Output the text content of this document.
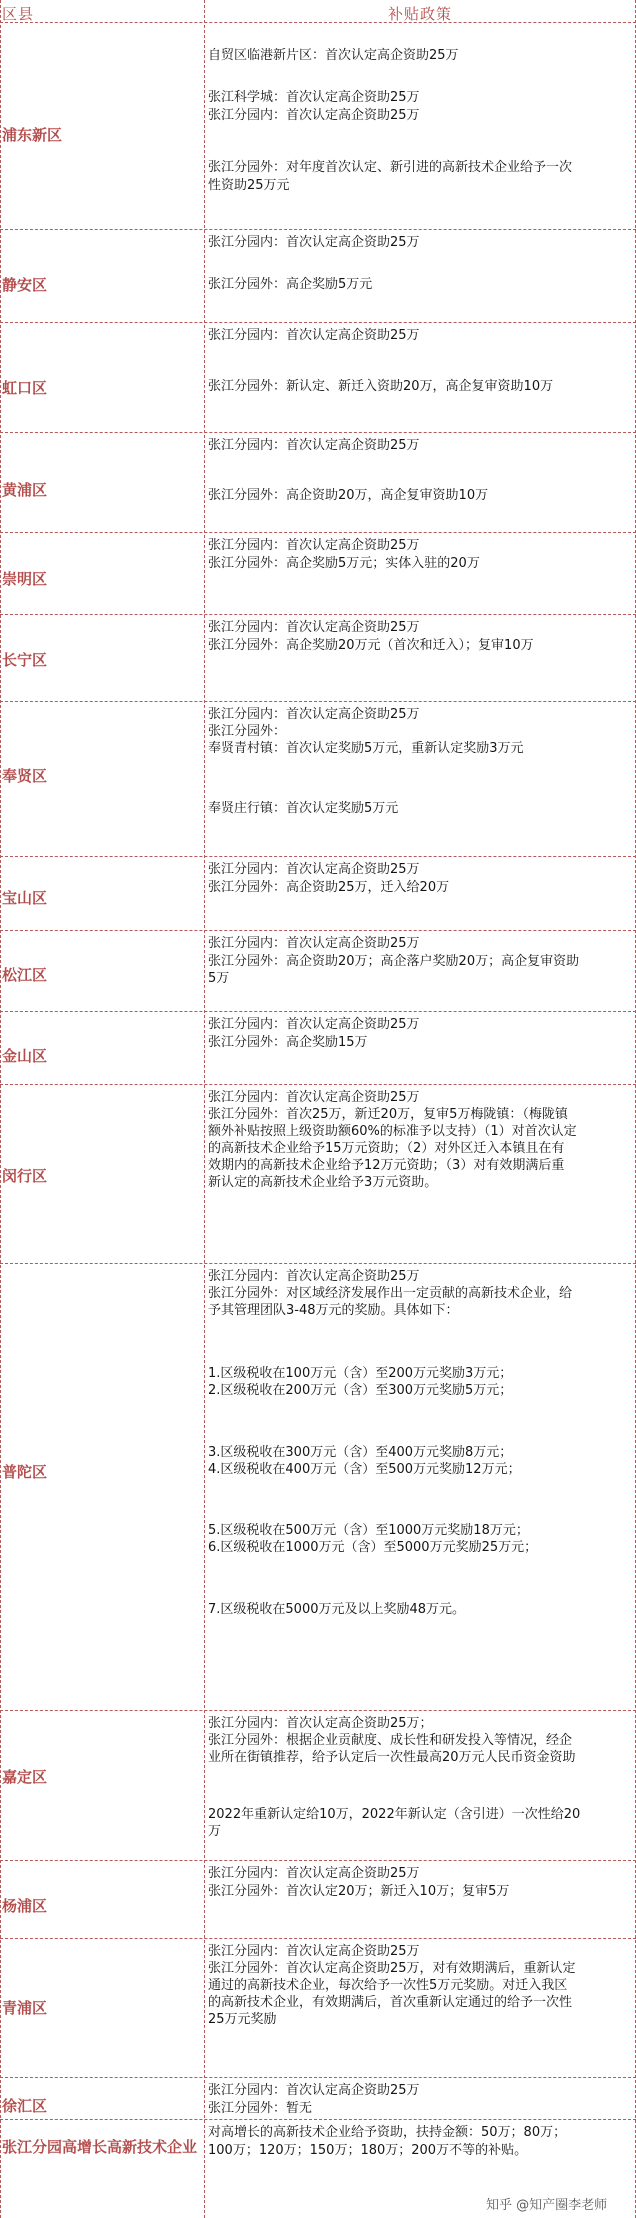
区县	补贴政策
浦东新区
自贸区临港新片区：首次认定高企资助25万
张江科学城：首次认定高企资助25万
张江分园内：首次认定高企资助25万
张江分园外：对年度首次认定、新引进的高新技术企业给予一次
性资助25万元
静安区
张江分园内：首次认定高企资助25万
张江分园外：高企奖励5万元
虹口区
张江分园内：首次认定高企资助25万
张江分园外：新认定、新迁入资助20万，高企复审资助10万
黄浦区
张江分园内：首次认定高企资助25万
张江分园外：高企资助20万，高企复审资助10万
崇明区
张江分园内：首次认定高企资助25万
张江分园外：高企奖励5万元；实体入驻的20万
长宁区
张江分园内：首次认定高企资助25万
张江分园外：高企奖励20万元（首次和迁入）；复审10万
奉贤区
张江分园内：首次认定高企资助25万
张江分园外：
奉贤青村镇：首次认定奖励5万元，重新认定奖励3万元
奉贤庄行镇：首次认定奖励5万元
宝山区
张江分园内：首次认定高企资助25万
张江分园外：高企资助25万，迁入给20万
松江区
张江分园内：首次认定高企资助25万
张江分园外：高企资助20万；高企落户奖励20万；高企复审资助
5万
金山区
张江分园内：首次认定高企资助25万
张江分园外：高企奖励15万
闵行区
张江分园内：首次认定高企资助25万
张江分园外：首次25万，新迁20万，复审5万梅陇镇：（梅陇镇
额外补贴按照上级资助额60%的标准予以支持）（1）对首次认定
的高新技术企业给予15万元资助；（2）对外区迁入本镇且在有
效期内的高新技术企业给予12万元资助；（3）对有效期满后重
新认定的高新技术企业给予3万元资助。
普陀区
张江分园内：首次认定高企资助25万
张江分园外：对区域经济发展作出一定贡献的高新技术企业，给
予其管理团队3-48万元的奖励。具体如下：
1.区级税收在100万元（含）至200万元奖励3万元；
2.区级税收在200万元（含）至300万元奖励5万元；
3.区级税收在300万元（含）至400万元奖励8万元；
4.区级税收在400万元（含）至500万元奖励12万元；
5.区级税收在500万元（含）至1000万元奖励18万元；
6.区级税收在1000万元（含）至5000万元奖励25万元；
7.区级税收在5000万元及以上奖励48万元。
嘉定区
张江分园内：首次认定高企资助25万；
张江分园外：根据企业贡献度、成长性和研发投入等情况，经企
业所在街镇推荐，给予认定后一次性最高20万元人民币资金资助
2022年重新认定给10万，2022年新认定（含引进）一次性给20
万
杨浦区
张江分园内：首次认定高企资助25万
张江分园外：首次认定20万；新迁入10万；复审5万
青浦区
张江分园内：首次认定高企资助25万
张江分园外：首次认定高企资助25万，对有效期满后，重新认定
通过的高新技术企业，每次给予一次性5万元奖励。对迁入我区
的高新技术企业，有效期满后，首次重新认定通过的给予一次性
25万元奖励
徐汇区
张江分园内：首次认定高企资助25万
张江分园外：暂无
张江分园高增长高新技术企业
对高增长的高新技术企业给予资助，扶持金额：50万；80万；
100万；120万；150万；180万；200万不等的补贴。
知乎 @知产圈李老师
